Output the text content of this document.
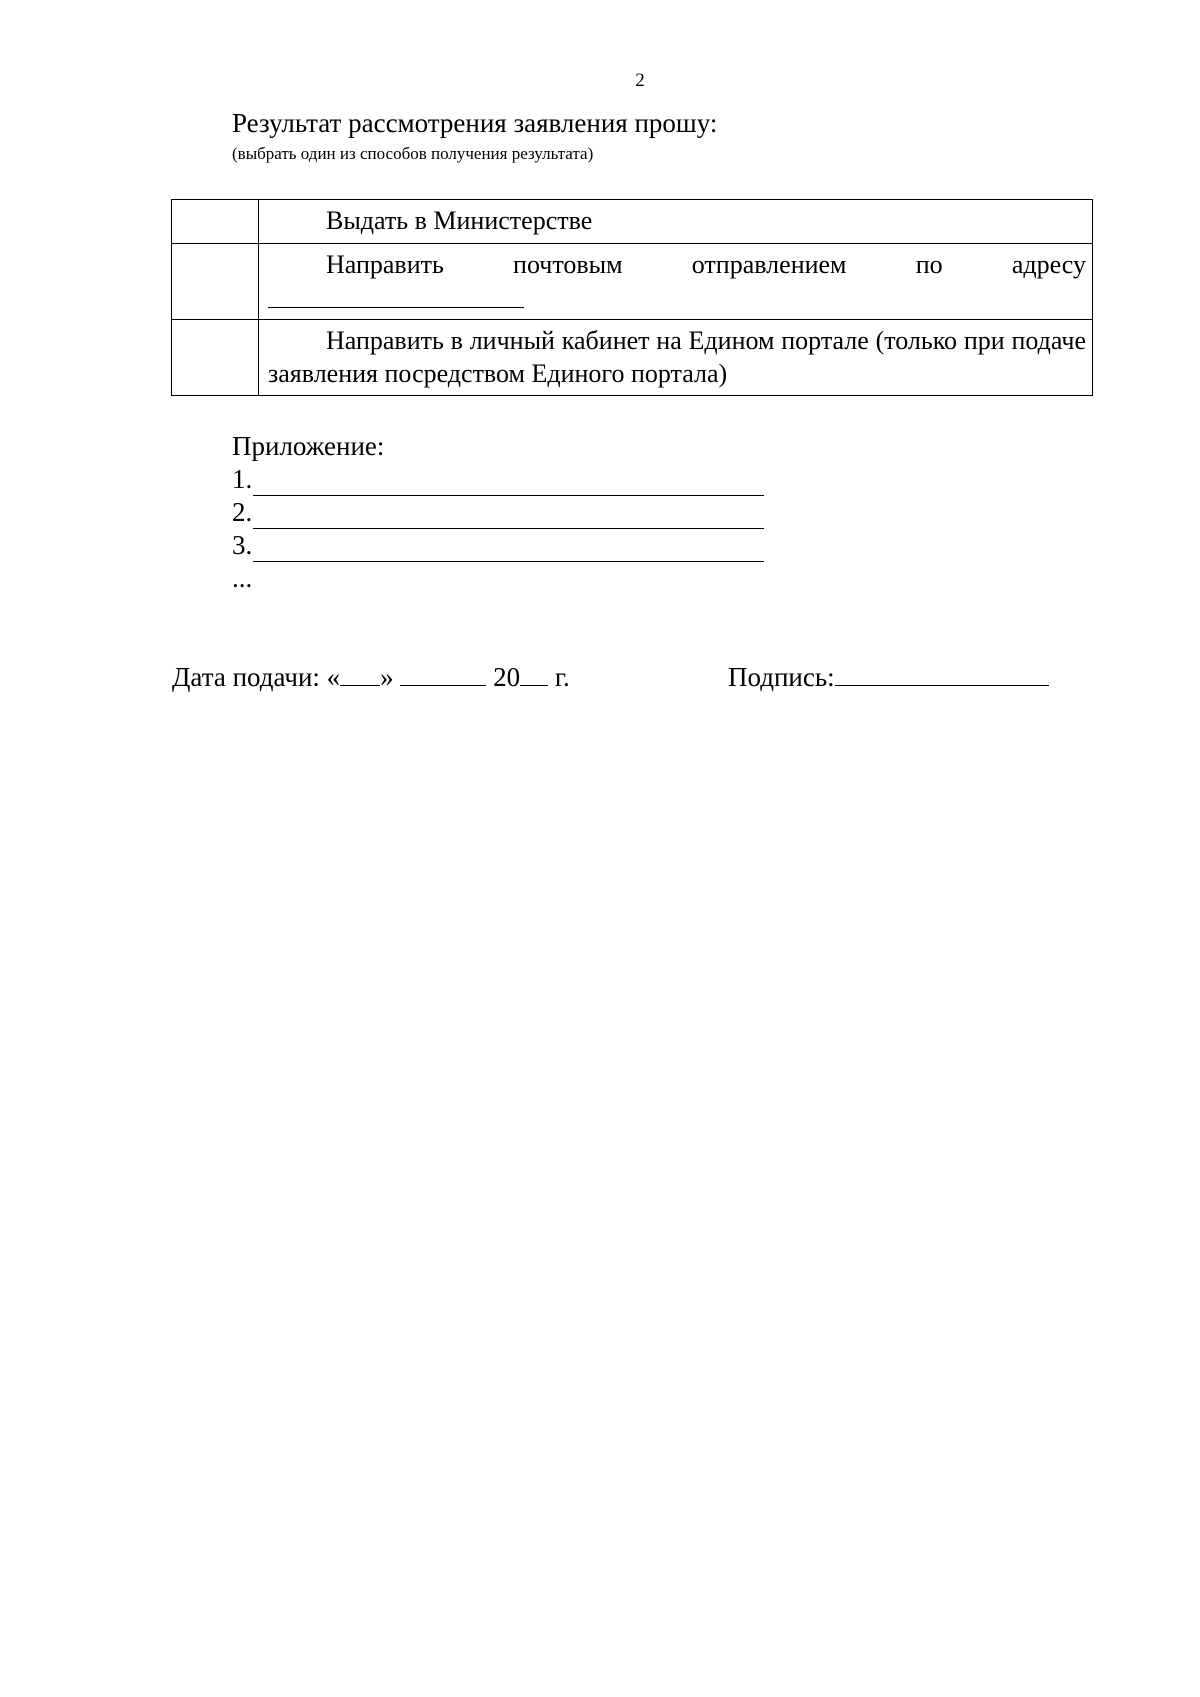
2
Результат рассмотрения заявления прошу:
(выбрать один из способов получения результата)
	Выдать в Министерстве

	Направить почтовым отправлением по адресу

	Направить в личный кабинет на Едином портале (только при подаче заявления посредством Единого портала)
Приложение:
1.
2.
3.
...
Дата подачи: « »	20 г.	Подпись:
